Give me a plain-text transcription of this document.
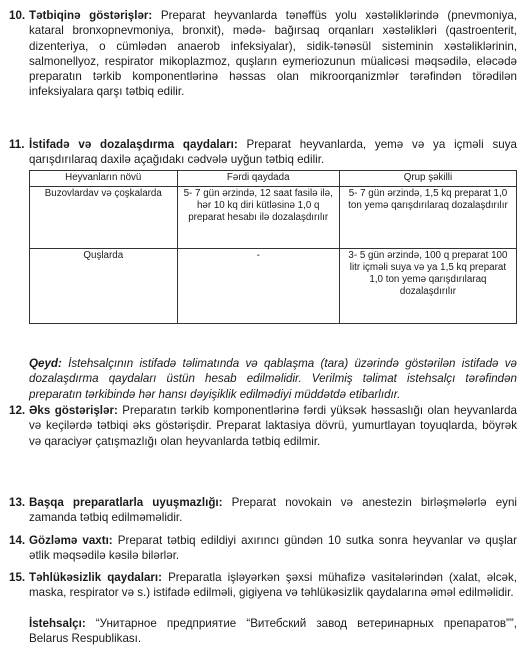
10. Tətbiqinə göstərişlər: Preparat heyvanlarda tənəffüs yolu xəstəliklərində (pnevmoniya, kataral bronxopnevmoniya, bronxit), mədə- bağırsaq orqanları xəstəlikləri (qastroenterit, dizenteriya, o cümlədən anaerob infeksiyalar), sidik-tənəsül sisteminin xəstəliklərinin, salmonellyoz, respirator mikoplazmoz, quşların eymeriozunun müalicəsi məqsədilə, eləcədə preparatın tərkib komponentlərinə həssas olan mikroorqanizmlər tərəfindən törədilən infeksiyalara qarşı tətbiq edilir.
11. İstifadə və dozalaşdırma qaydaları: Preparat heyvanlarda, yemə və ya içməli suya qarışdırılaraq daxilə açağıdakı cədvələ uyğun tətbiq edilir.
Heyvanların növü	Fərdi qaydada	Qrup şəkilli
Buzovlardav və çoşkalarda	5- 7 gün ərzində, 12 saat fasilə ilə, hər 10 kq diri kütləsinə 1,0 q preparat hesabı ilə dozalaşdırılır	5- 7 gün ərzində, 1,5 kq preparat 1,0 ton yemə qarışdırılaraq dozalaşdırılır
Quşlarda	-	3- 5 gün ərzində, 100 q preparat 100 litr içməli suya və ya 1,5 kq preparat 1,0 ton yemə qarışdırılaraq dozalaşdırılır
Qeyd: İstehsalçının istifadə təlimatında və qablaşma (tara) üzərində göstərilən istifadə və dozalaşdırma qaydaları üstün hesab edilməlidir. Verilmiş təlimat istehsalçı tərəfindən preparatın tərkibində hər hansı dəyişiklik edilmədiyi müddətdə etibarlıdır.
12. Əks göstərişlər: Preparatın tərkib komponentlərinə fərdi yüksək həssaslığı olan heyvanlarda və keçilərdə tətbiqi əks göstərişdir. Preparat laktasiya dövrü, yumurtlayan toyuqlarda, böyrək və qaraciyər çatışmazlığı olan heyvanlarda tətbiq edilmir.
13. Başqa preparatlarla uyuşmazlığı: Preparat novokain və anestezin birləşmələrlə eyni zamanda tətbiq edilməməlidir.
14. Gözləmə vaxtı: Preparat tətbiq edildiyi axırıncı gündən 10 sutka sonra heyvanlar və quşlar ətlik məqsədilə kəsilə bilərlər.
15. Təhlükəsizlik qaydaları: Preparatla işləyərkən şəxsi mühafizə vasitələrindən (xalat, əlcək, maska, respirator və s.) istifadə edilməli, gigiyena və təhlükəsizlik qaydalarına əməl edilməlidir.
İstehsalçı: “Унитарное предприятие “Витебский завод ветеринарных препаратов””, Belarus Respublikası.
